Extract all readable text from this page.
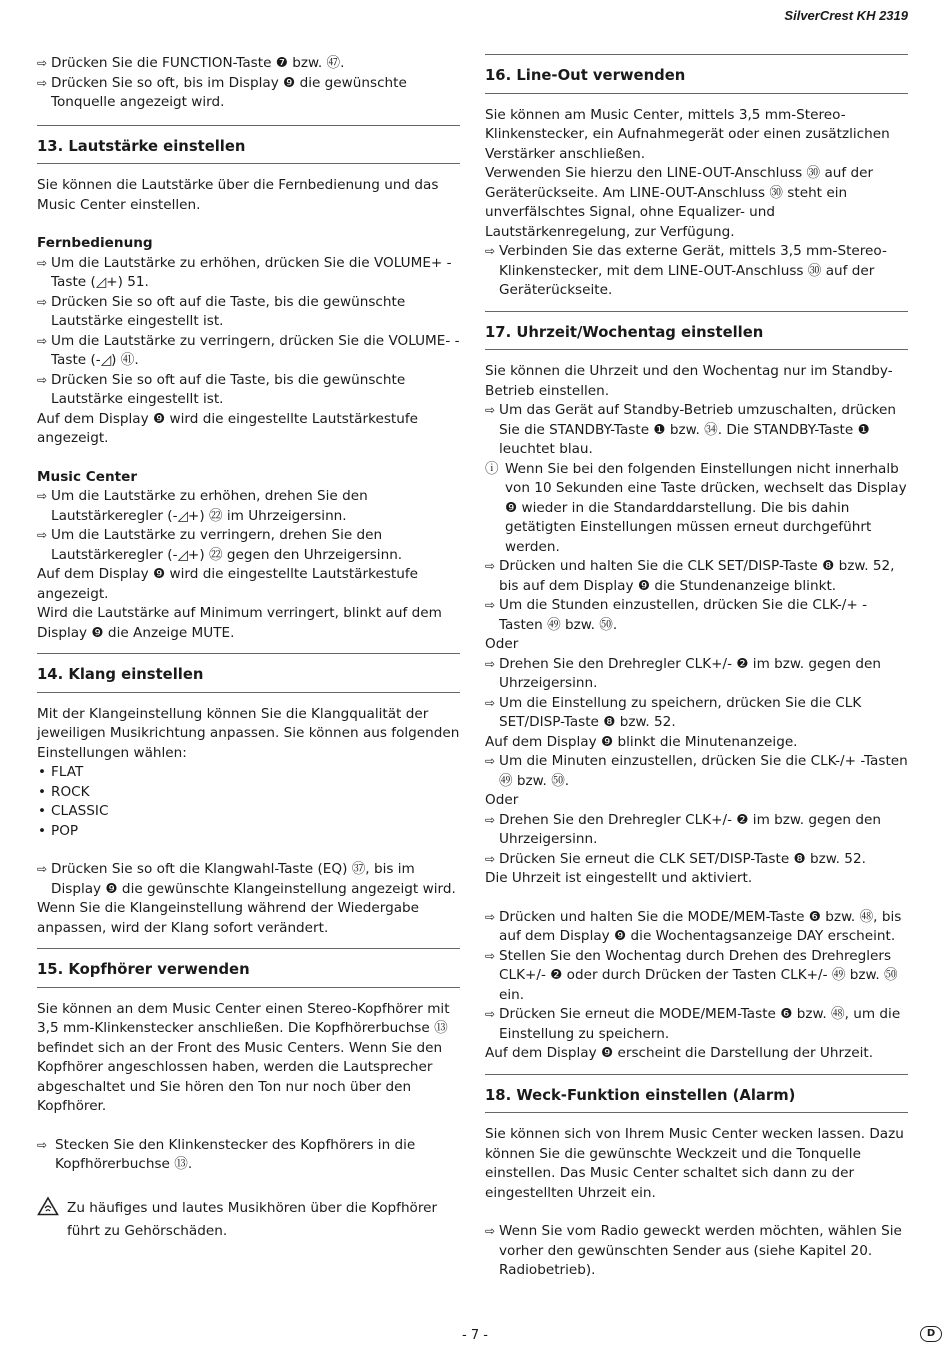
SilverCrest KH 2319

⇨ Drücken Sie die FUNCTION-Taste ❼ bzw. ㊼.

⇨ Drücken Sie so oft, bis im Display ❾ die gewünschte Tonquelle angezeigt wird.

13. Lautstärke einstellen

Sie können die Lautstärke über die Fernbedienung und das Music Center einstellen.

Fernbedienung

⇨ Um die Lautstärke zu erhöhen, drücken Sie die VOLUME+ -Taste (◿+) 51.

⇨ Drücken Sie so oft auf die Taste, bis die gewünschte Lautstärke eingestellt ist.

⇨ Um die Lautstärke zu verringern, drücken Sie die VOLUME- -Taste (-◿) ㊶.

⇨ Drücken Sie so oft auf die Taste, bis die gewünschte Lautstärke eingestellt ist.

Auf dem Display ❾ wird die eingestellte Lautstärkestufe angezeigt.

Music Center

⇨ Um die Lautstärke zu erhöhen, drehen Sie den Lautstärkeregler (-◿+) ㉒ im Uhrzeigersinn.

⇨ Um die Lautstärke zu verringern, drehen Sie den Lautstärkeregler (-◿+) ㉒ gegen den Uhrzeigersinn.

Auf dem Display ❾ wird die eingestellte Lautstärkestufe angezeigt.

Wird die Lautstärke auf Minimum verringert, blinkt auf dem Display ❾ die Anzeige MUTE.

14. Klang einstellen

Mit der Klangeinstellung können Sie die Klangqualität der jeweiligen Musikrichtung anpassen. Sie können aus folgenden Einstellungen wählen:

• FLAT

• ROCK

• CLASSIC

• POP

⇨ Drücken Sie so oft die Klangwahl-Taste (EQ) ㊲, bis im Display ❾ die gewünschte Klangeinstellung angezeigt wird.

Wenn Sie die Klangeinstellung während der Wiedergabe anpassen, wird der Klang sofort verändert.

15. Kopfhörer verwenden

Sie können an dem Music Center einen Stereo-Kopfhörer mit 3,5 mm-Klinkenstecker anschließen. Die Kopfhörerbuchse ⑬ befindet sich an der Front des Music Centers. Wenn Sie den Kopfhörer angeschlossen haben, werden die Lautsprecher abgeschaltet und Sie hören den Ton nur noch über den Kopfhörer.

⇨ Stecken Sie den Klinkenstecker des Kopfhörers in die Kopfhörerbuchse ⑬.

Zu häufiges und lautes Musikhören über die Kopfhörer führt zu Gehörschäden.

16. Line-Out verwenden

Sie können am Music Center, mittels 3,5 mm-Stereo-Klinkenstecker, ein Aufnahmegerät oder einen zusätzlichen Verstärker anschließen.

Verwenden Sie hierzu den LINE-OUT-Anschluss ㉚ auf der Geräterückseite. Am LINE-OUT-Anschluss ㉚ steht ein unverfälschtes Signal, ohne Equalizer- und Lautstärkenregelung, zur Verfügung.

⇨ Verbinden Sie das externe Gerät, mittels 3,5 mm-Stereo-Klinkenstecker, mit dem LINE-OUT-Anschluss ㉚ auf der Geräterückseite.

17. Uhrzeit/Wochentag einstellen

Sie können die Uhrzeit und den Wochentag nur im Standby-Betrieb einstellen.

⇨ Um das Gerät auf Standby-Betrieb umzuschalten, drücken Sie die STANDBY-Taste ❶ bzw. ㉞. Die STANDBY-Taste ❶ leuchtet blau.

ⓘ Wenn Sie bei den folgenden Einstellungen nicht innerhalb von 10 Sekunden eine Taste drücken, wechselt das Display ❾ wieder in die Standarddarstellung. Die bis dahin getätigten Einstellungen müssen erneut durchgeführt werden.

⇨ Drücken und halten Sie die CLK SET/DISP-Taste ❽ bzw. 52, bis auf dem Display ❾ die Stundenanzeige blinkt.

⇨ Um die Stunden einzustellen, drücken Sie die CLK-/+ -Tasten ㊾ bzw. ㊿.

Oder

⇨ Drehen Sie den Drehregler CLK+/- ❷ im bzw. gegen den Uhrzeigersinn.

⇨ Um die Einstellung zu speichern, drücken Sie die CLK SET/DISP-Taste ❽ bzw. 52.

Auf dem Display ❾ blinkt die Minutenanzeige.

⇨ Um die Minuten einzustellen, drücken Sie die CLK-/+ -Tasten ㊾ bzw. ㊿.

Oder

⇨ Drehen Sie den Drehregler CLK+/- ❷ im bzw. gegen den Uhrzeigersinn.

⇨ Drücken Sie erneut die CLK SET/DISP-Taste ❽ bzw. 52.

Die Uhrzeit ist eingestellt und aktiviert.

⇨ Drücken und halten Sie die MODE/MEM-Taste ❻ bzw. ㊽, bis auf dem Display ❾ die Wochentagsanzeige DAY erscheint.

⇨ Stellen Sie den Wochentag durch Drehen des Drehreglers CLK+/- ❷ oder durch Drücken der Tasten CLK+/- ㊾ bzw. ㊿ ein.

⇨ Drücken Sie erneut die MODE/MEM-Taste ❻ bzw. ㊽, um die Einstellung zu speichern.

Auf dem Display ❾ erscheint die Darstellung der Uhrzeit.

18. Weck-Funktion einstellen (Alarm)

Sie können sich von Ihrem Music Center wecken lassen. Dazu können Sie die gewünschte Weckzeit und die Tonquelle einstellen. Das Music Center schaltet sich dann zu der eingestellten Uhrzeit ein.

⇨ Wenn Sie vom Radio geweckt werden möchten, wählen Sie vorher den gewünschten Sender aus (siehe Kapitel 20. Radiobetrieb).

- 7 -	D
